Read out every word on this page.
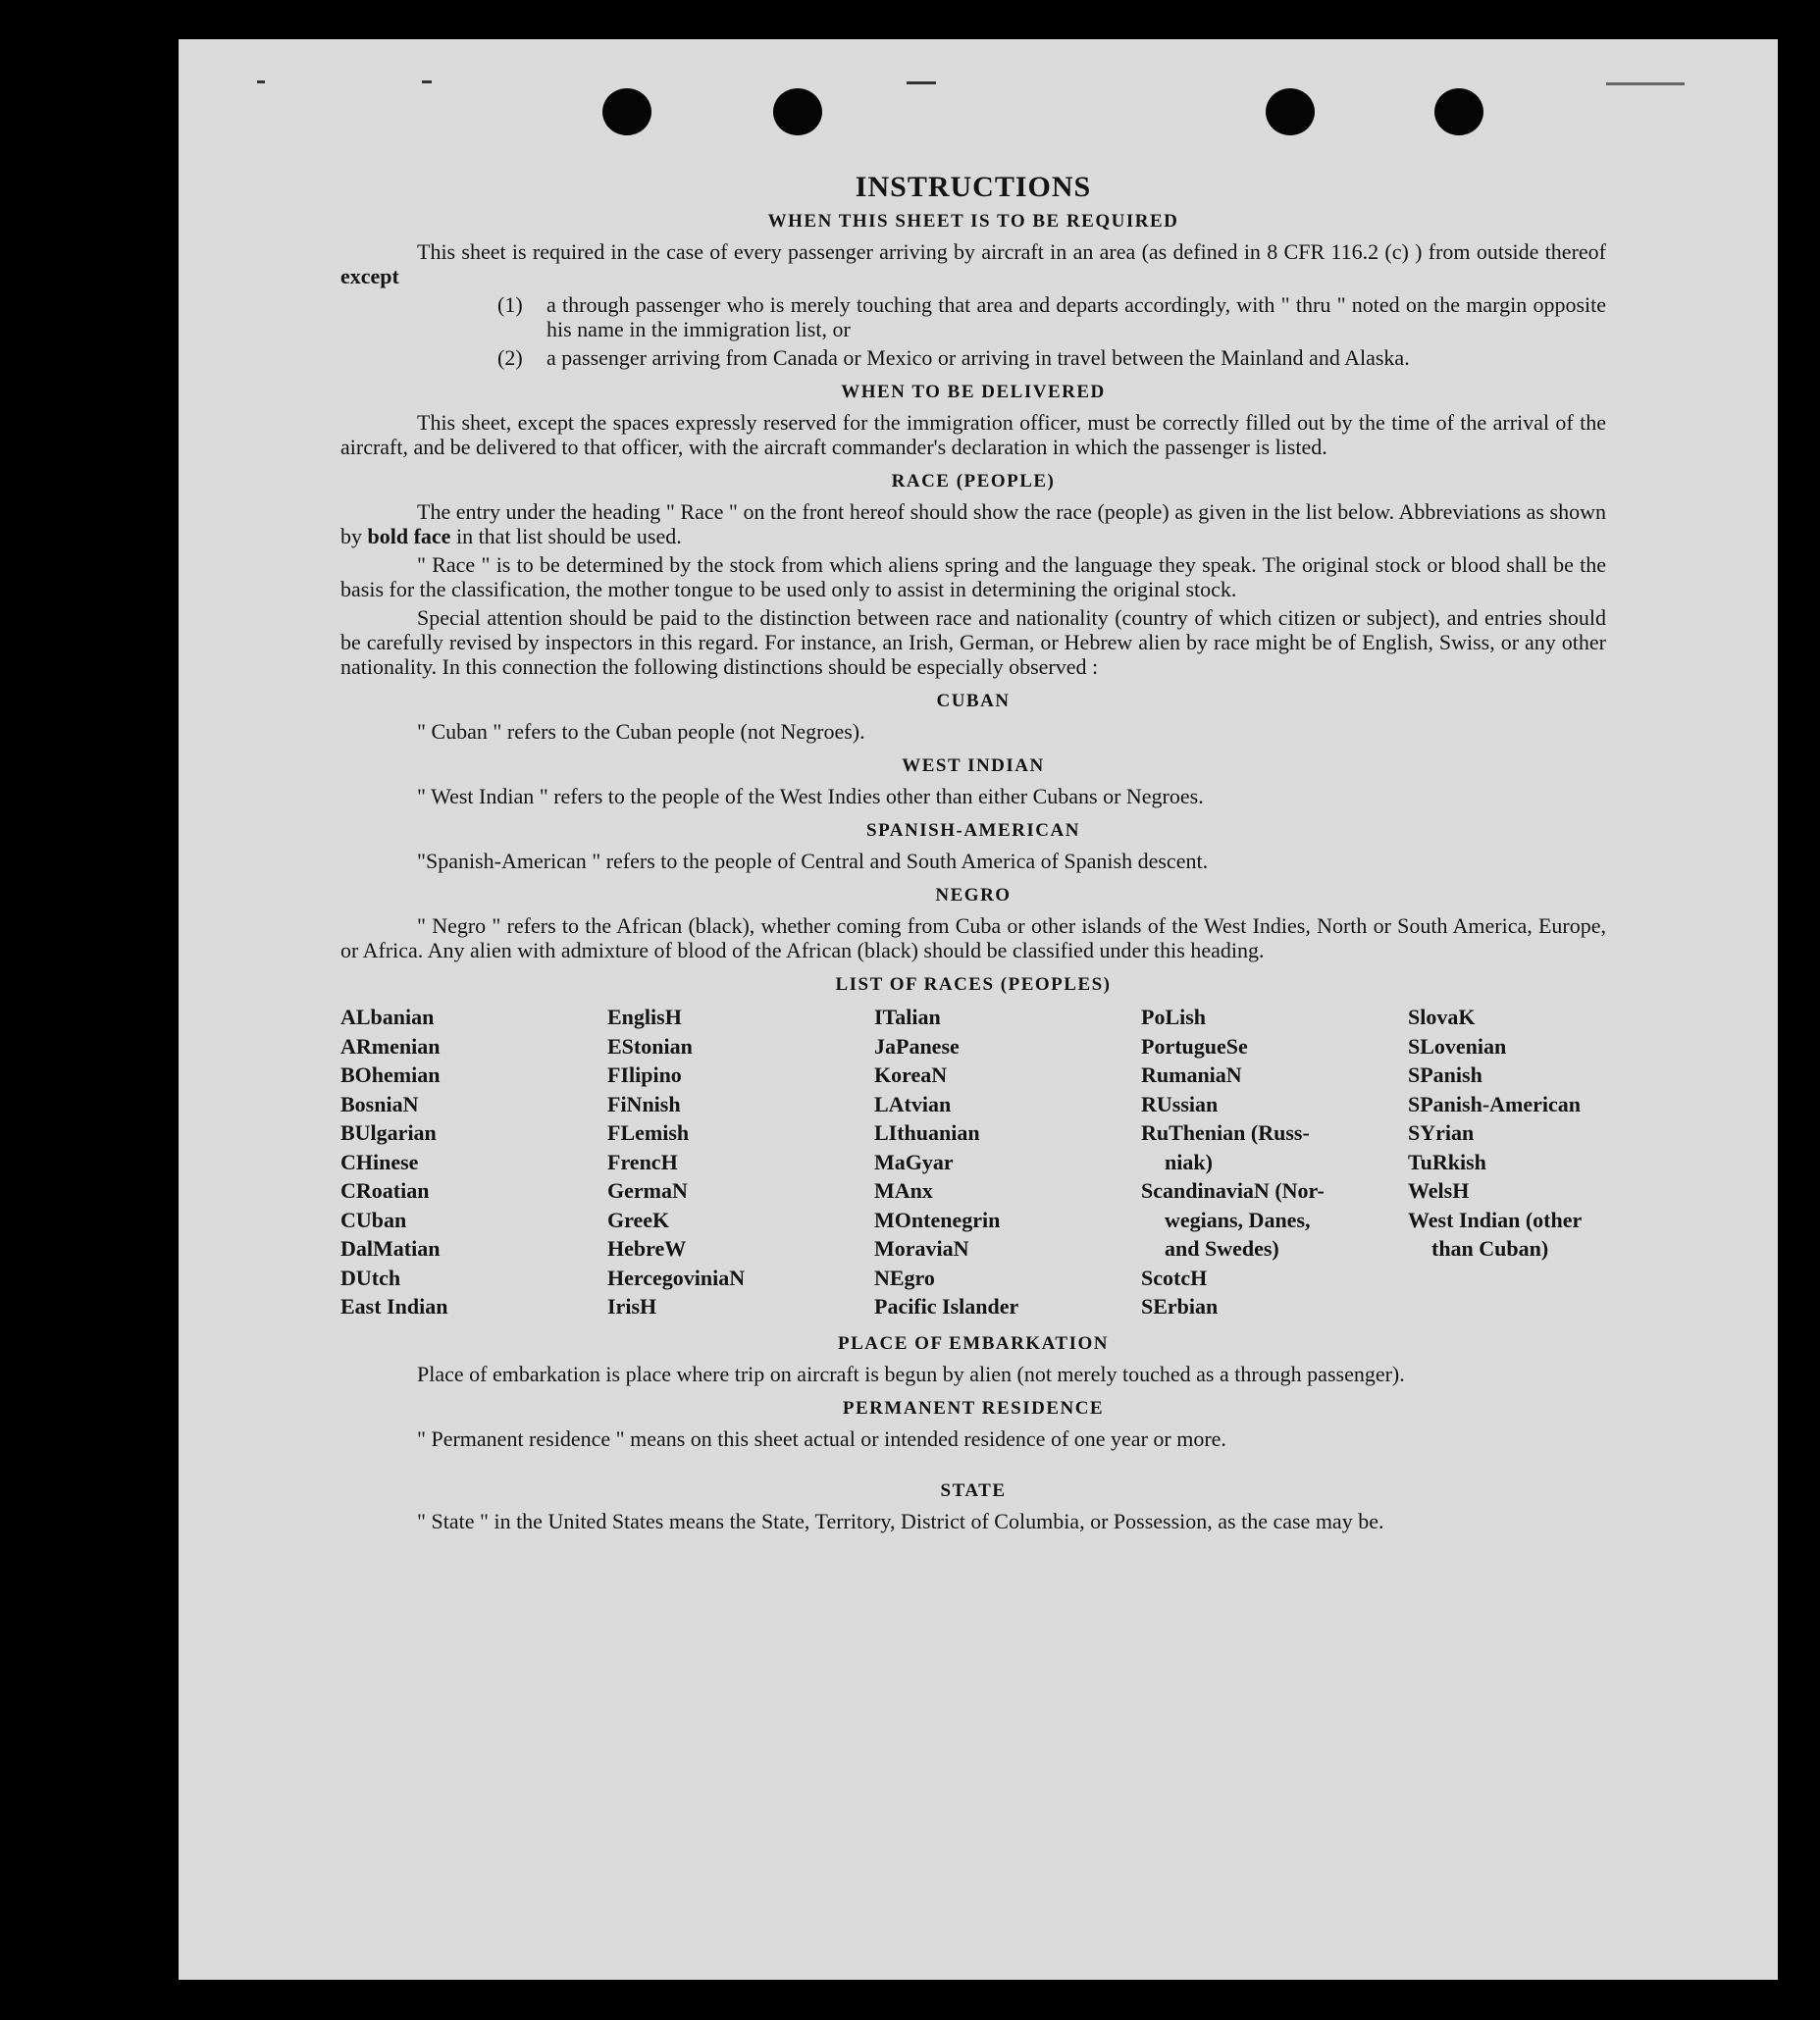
INSTRUCTIONS
WHEN THIS SHEET IS TO BE REQUIRED

This sheet is required in the case of every passenger arriving by aircraft in an area (as defined in 8 CFR 116.2 (c) ) from outside thereof except

(1)	a through passenger who is merely touching that area and departs accordingly, with " thru " noted on the margin opposite his name in the immigration list, or
(2)	a passenger arriving from Canada or Mexico or arriving in travel between the Mainland and Alaska.
WHEN TO BE DELIVERED

This sheet, except the spaces expressly reserved for the immigration officer, must be correctly filled out by the time of the arrival of the aircraft, and be delivered to that officer, with the aircraft commander's declaration in which the passenger is listed.

RACE (PEOPLE)

The entry under the heading " Race " on the front hereof should show the race (people) as given in the list below. Abbreviations as shown by bold face in that list should be used.

" Race " is to be determined by the stock from which aliens spring and the language they speak. The original stock or blood shall be the basis for the classification, the mother tongue to be used only to assist in determining the original stock.

Special attention should be paid to the distinction between race and nationality (country of which citizen or subject), and entries should be carefully revised by inspectors in this regard. For instance, an Irish, German, or Hebrew alien by race might be of English, Swiss, or any other nationality. In this connection the following distinctions should be especially observed :

CUBAN

" Cuban " refers to the Cuban people (not Negroes).

WEST INDIAN

" West Indian " refers to the people of the West Indies other than either Cubans or Negroes.

SPANISH-AMERICAN

"Spanish-American " refers to the people of Central and South America of Spanish descent.

NEGRO

" Negro " refers to the African (black), whether coming from Cuba or other islands of the West Indies, North or South America, Europe, or Africa. Any alien with admixture of blood of the African (black) should be classified under this heading.

LIST OF RACES (PEOPLES)
ALbanian
ARmenian
BOhemian
BosniaN
BUlgarian
CHinese
CRoatian
CUban
DalMatian
DUtch
East Indian
EnglisH
EStonian
FIlipino
FiNnish
FLemish
FrencH
GermaN
GreeK
HebreW
HercegoviniaN
IrisH
ITalian
JaPanese
KoreaN
LAtvian
LIthuanian
MaGyar
MAnx
MOntenegrin
MoraviaN
NEgro
Pacific Islander
PoLish
PortugueSe
RumaniaN
RUssian
RuThenian (Russ-
niak)
ScandinaviaN (Nor-
wegians, Danes,
and Swedes)
ScotcH
SErbian
SlovaK
SLovenian
SPanish
SPanish-American
SYrian
TuRkish
WelsH
West Indian (other
than Cuban)
PLACE OF EMBARKATION

Place of embarkation is place where trip on aircraft is begun by alien (not merely touched as a through passenger).

PERMANENT RESIDENCE

" Permanent residence " means on this sheet actual or intended residence of one year or more.

STATE

" State " in the United States means the State, Territory, District of Columbia, or Possession, as the case may be.
